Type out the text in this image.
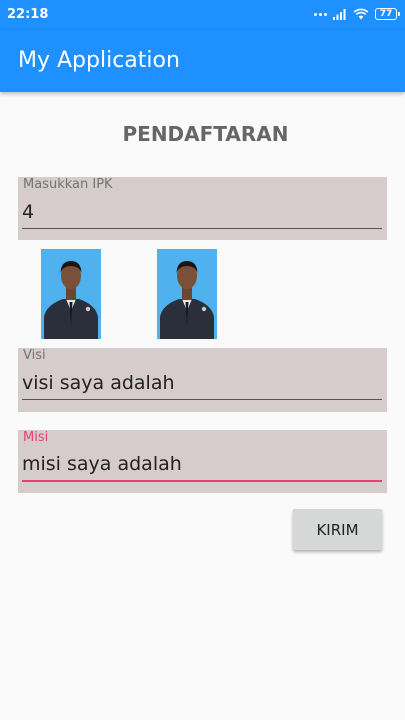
22:18	77
My Application
PENDAFTARAN
Masukkan IPK
4
Visi
visi saya adalah
Misi
misi saya adalah
KIRIM
